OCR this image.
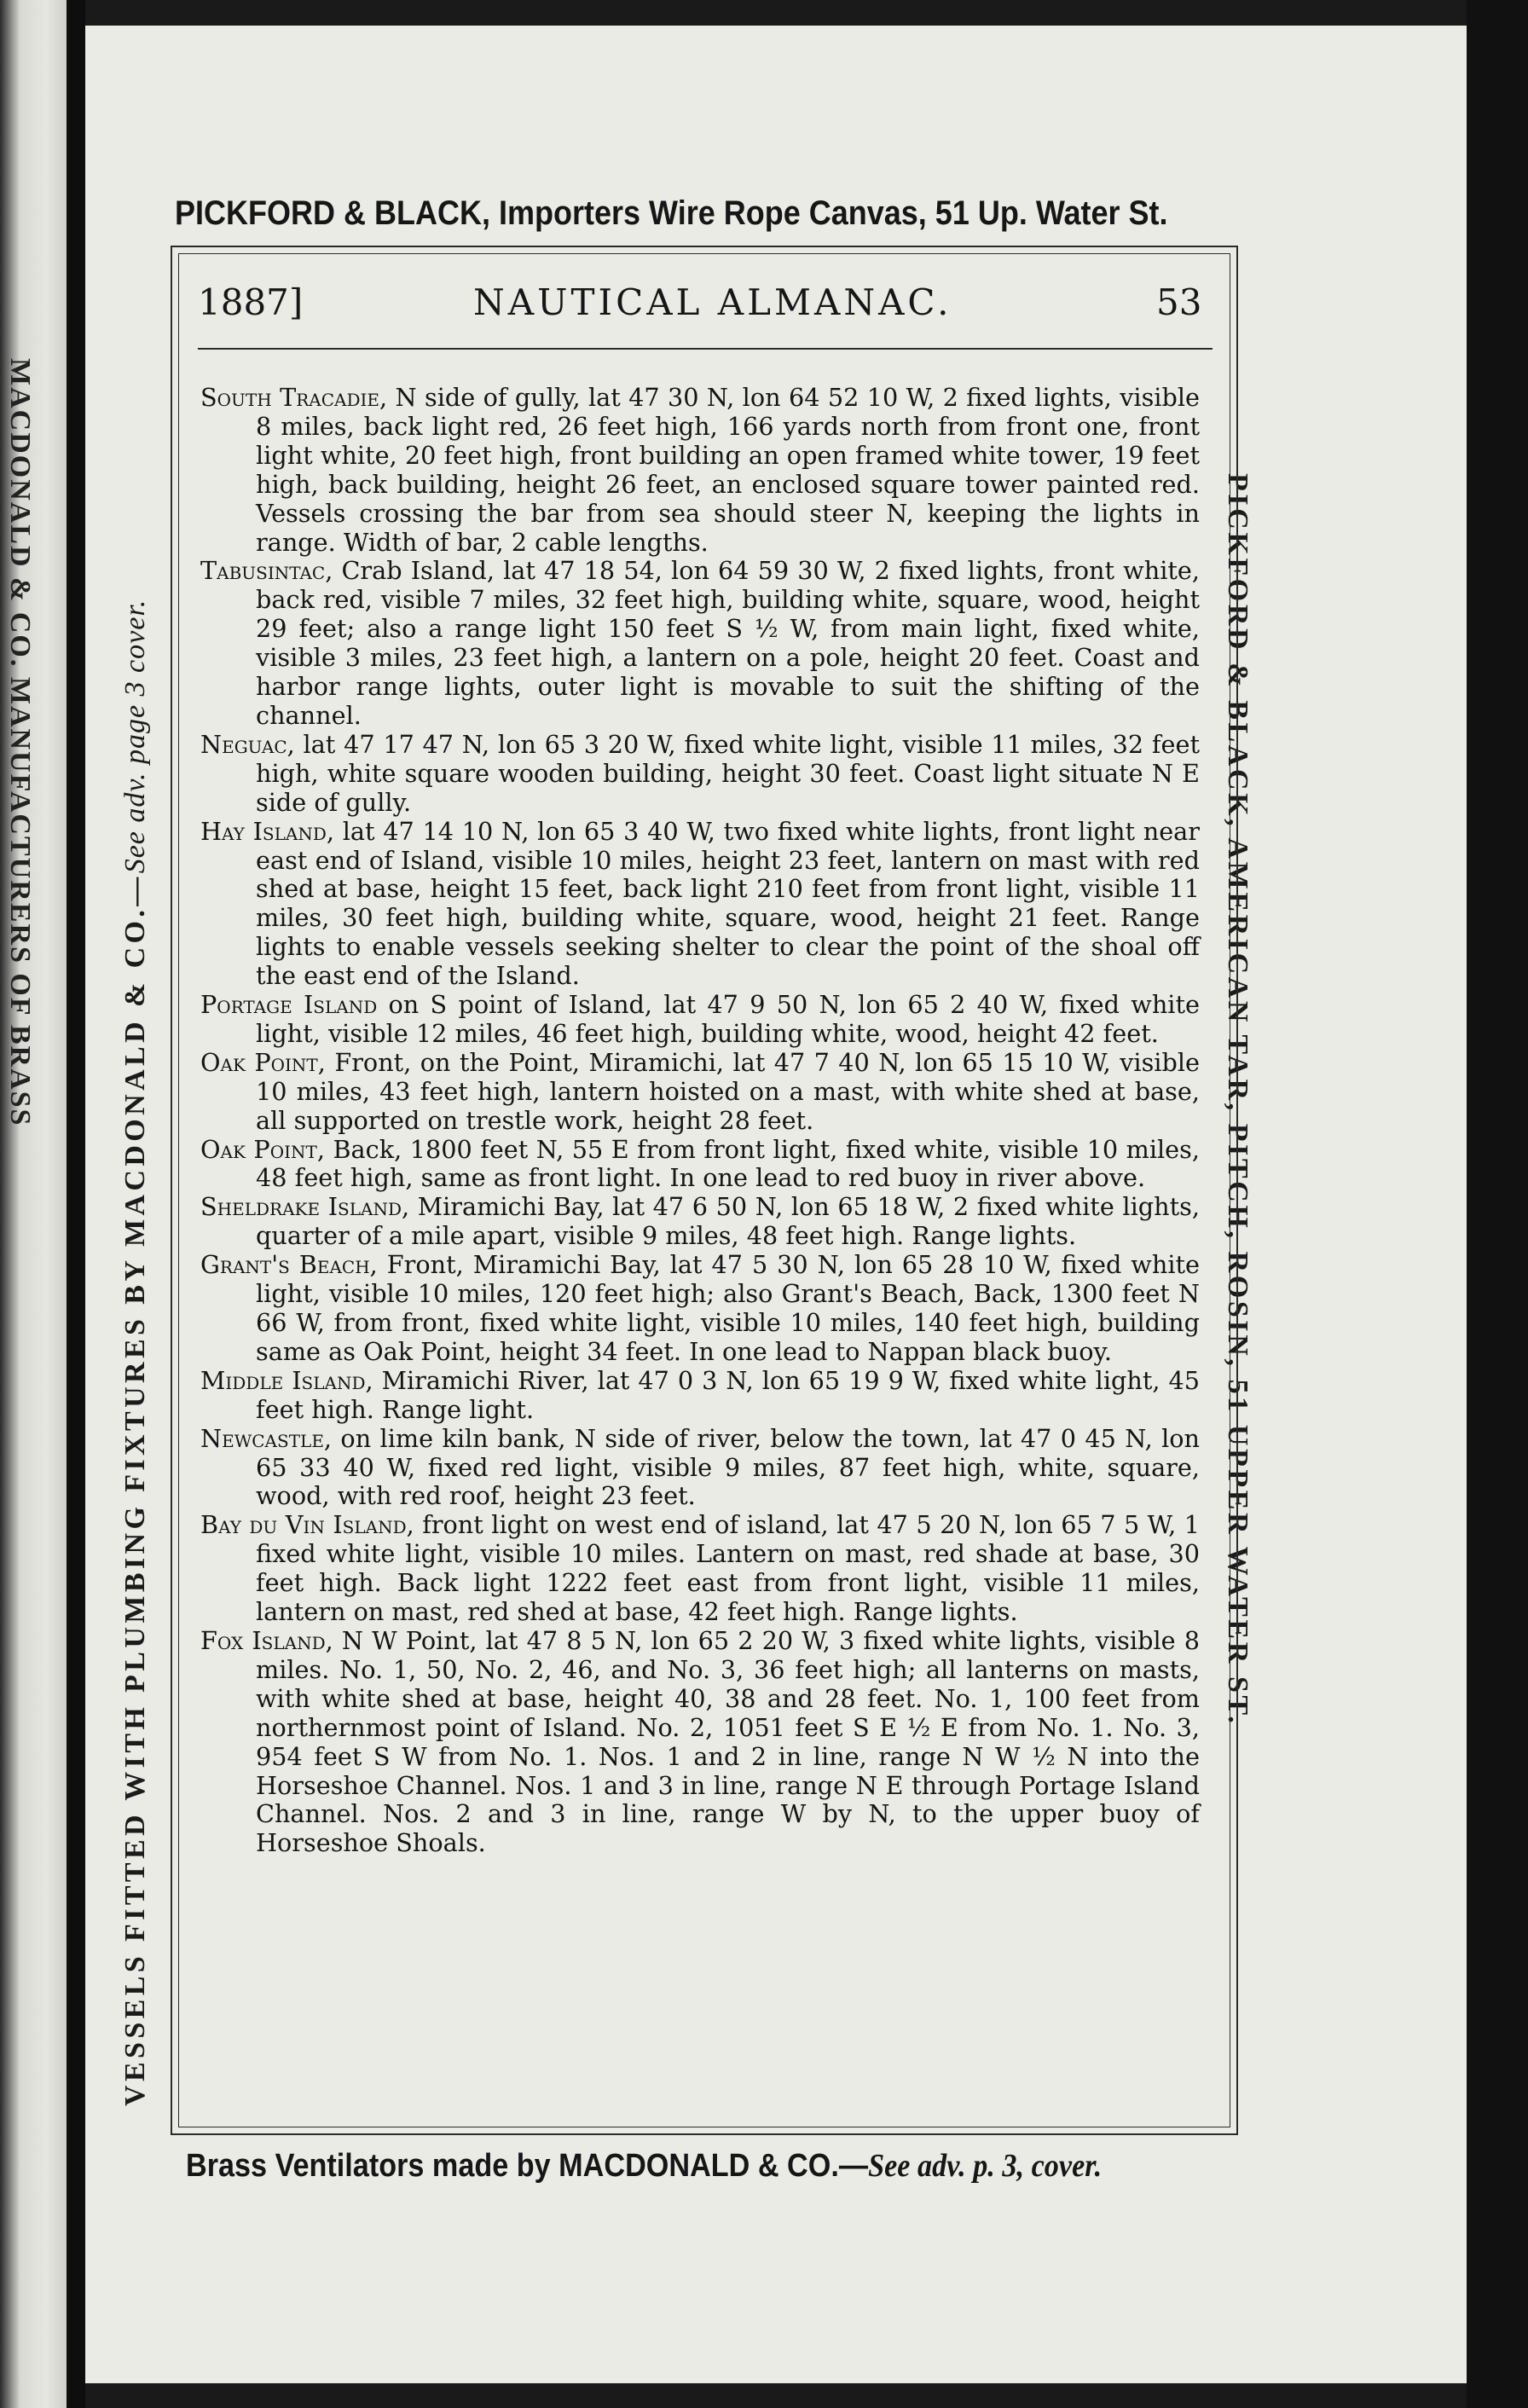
MACDONALD & CO. MANUFACTURERS OF BRASS
PICKFORD & BLACK, Importers Wire Rope Canvas, 51 Up. Water St.
VESSELS FITTED WITH PLUMBING FIXTURES BY MACDONALD & CO.—See adv. page 3 cover.	PICKFORD & BLACK, AMERICAN TAR, PITCH, ROSIN, 51 UPPER WATER ST.
1887]	NAUTICAL ALMANAC.	53

South Tracadie, N side of gully, lat 47 30 N, lon 64 52 10 W, 2 fixed lights, visible 8 miles, back light red, 26 feet high, 166 yards north from front one, front light white, 20 feet high, front building an open framed white tower, 19 feet high, back building, height 26 feet, an enclosed square tower painted red. Vessels crossing the bar from sea should steer N, keeping the lights in range. Width of bar, 2 cable lengths.

Tabusintac, Crab Island, lat 47 18 54, lon 64 59 30 W, 2 fixed lights, front white, back red, visible 7 miles, 32 feet high, building white, square, wood, height 29 feet; also a range light 150 feet S ½ W, from main light, fixed white, visible 3 miles, 23 feet high, a lantern on a pole, height 20 feet. Coast and harbor range lights, outer light is movable to suit the shifting of the channel.

Neguac, lat 47 17 47 N, lon 65 3 20 W, fixed white light, visible 11 miles, 32 feet high, white square wooden building, height 30 feet. Coast light situate N E side of gully.

Hay Island, lat 47 14 10 N, lon 65 3 40 W, two fixed white lights, front light near east end of Island, visible 10 miles, height 23 feet, lantern on mast with red shed at base, height 15 feet, back light 210 feet from front light, visible 11 miles, 30 feet high, building white, square, wood, height 21 feet. Range lights to enable vessels seeking shelter to clear the point of the shoal off the east end of the Island.

Portage Island on S point of Island, lat 47 9 50 N, lon 65 2 40 W, fixed white light, visible 12 miles, 46 feet high, building white, wood, height 42 feet.

Oak Point, Front, on the Point, Miramichi, lat 47 7 40 N, lon 65 15 10 W, visible 10 miles, 43 feet high, lantern hoisted on a mast, with white shed at base, all supported on trestle work, height 28 feet.

Oak Point, Back, 1800 feet N, 55 E from front light, fixed white, visible 10 miles, 48 feet high, same as front light. In one lead to red buoy in river above.

Sheldrake Island, Miramichi Bay, lat 47 6 50 N, lon 65 18 W, 2 fixed white lights, quarter of a mile apart, visible 9 miles, 48 feet high. Range lights.

Grant's Beach, Front, Miramichi Bay, lat 47 5 30 N, lon 65 28 10 W, fixed white light, visible 10 miles, 120 feet high; also Grant's Beach, Back, 1300 feet N 66 W, from front, fixed white light, visible 10 miles, 140 feet high, building same as Oak Point, height 34 feet. In one lead to Nappan black buoy.

Middle Island, Miramichi River, lat 47 0 3 N, lon 65 19 9 W, fixed white light, 45 feet high. Range light.

Newcastle, on lime kiln bank, N side of river, below the town, lat 47 0 45 N, lon 65 33 40 W, fixed red light, visible 9 miles, 87 feet high, white, square, wood, with red roof, height 23 feet.

Bay du Vin Island, front light on west end of island, lat 47 5 20 N, lon 65 7 5 W, 1 fixed white light, visible 10 miles. Lantern on mast, red shade at base, 30 feet high. Back light 1222 feet east from front light, visible 11 miles, lantern on mast, red shed at base, 42 feet high. Range lights.

Fox Island, N W Point, lat 47 8 5 N, lon 65 2 20 W, 3 fixed white lights, visible 8 miles. No. 1, 50, No. 2, 46, and No. 3, 36 feet high; all lanterns on masts, with white shed at base, height 40, 38 and 28 feet. No. 1, 100 feet from northernmost point of Island. No. 2, 1051 feet S E ½ E from No. 1. No. 3, 954 feet S W from No. 1. Nos. 1 and 2 in line, range N W ½ N into the Horseshoe Channel. Nos. 1 and 3 in line, range N E through Portage Island Channel. Nos. 2 and 3 in line, range W by N, to the upper buoy of Horseshoe Shoals.

Brass Ventilators made by MACDONALD & CO.—See adv. p. 3, cover.
